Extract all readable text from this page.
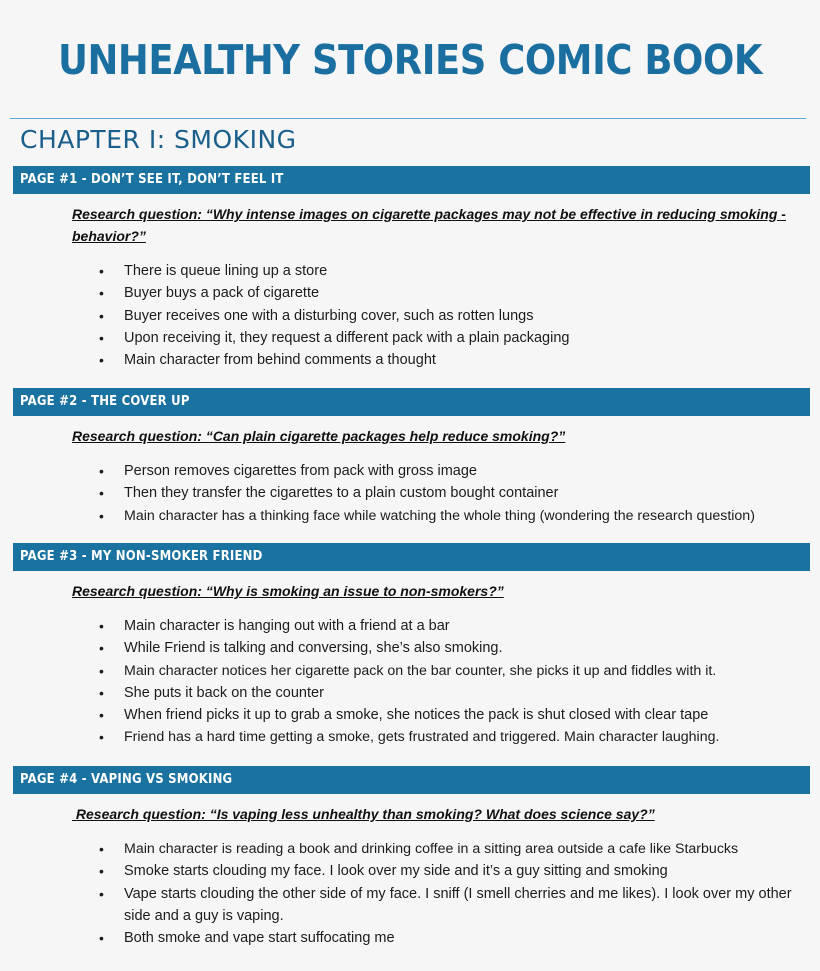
UNHEALTHY STORIES COMIC BOOK
CHAPTER I: SMOKING
PAGE #1 - DON’T SEE IT, DON’T FEEL IT
Research question: “Why intense images on cigarette packages may not be effective in reducing smoking - behavior?”
• There is queue lining up a store
• Buyer buys a pack of cigarette
• Buyer receives one with a disturbing cover, such as rotten lungs
• Upon receiving it, they request a different pack with a plain packaging
• Main character from behind comments a thought
PAGE #2 - THE COVER UP
Research question: “Can plain cigarette packages help reduce smoking?”
• Person removes cigarettes from pack with gross image
• Then they transfer the cigarettes to a plain custom bought container
• Main character has a thinking face while watching the whole thing (wondering the research question)
PAGE #3 - MY NON-SMOKER FRIEND
Research question: “Why is smoking an issue to non-smokers?”
• Main character is hanging out with a friend at a bar
• While Friend is talking and conversing, she’s also smoking.
• Main character notices her cigarette pack on the bar counter, she picks it up and fiddles with it.
• She puts it back on the counter
• When friend picks it up to grab a smoke, she notices the pack is shut closed with clear tape
• Friend has a hard time getting a smoke, gets frustrated and triggered. Main character laughing.
PAGE #4 - VAPING VS SMOKING
Research question: “Is vaping less unhealthy than smoking? What does science say?”
• Main character is reading a book and drinking coffee in a sitting area outside a cafe like Starbucks
• Smoke starts clouding my face. I look over my side and it’s a guy sitting and smoking
• Vape starts clouding the other side of my face. I sniff (I smell cherries and me likes). I look over my other side and a guy is vaping.
• Both smoke and vape start suffocating me
